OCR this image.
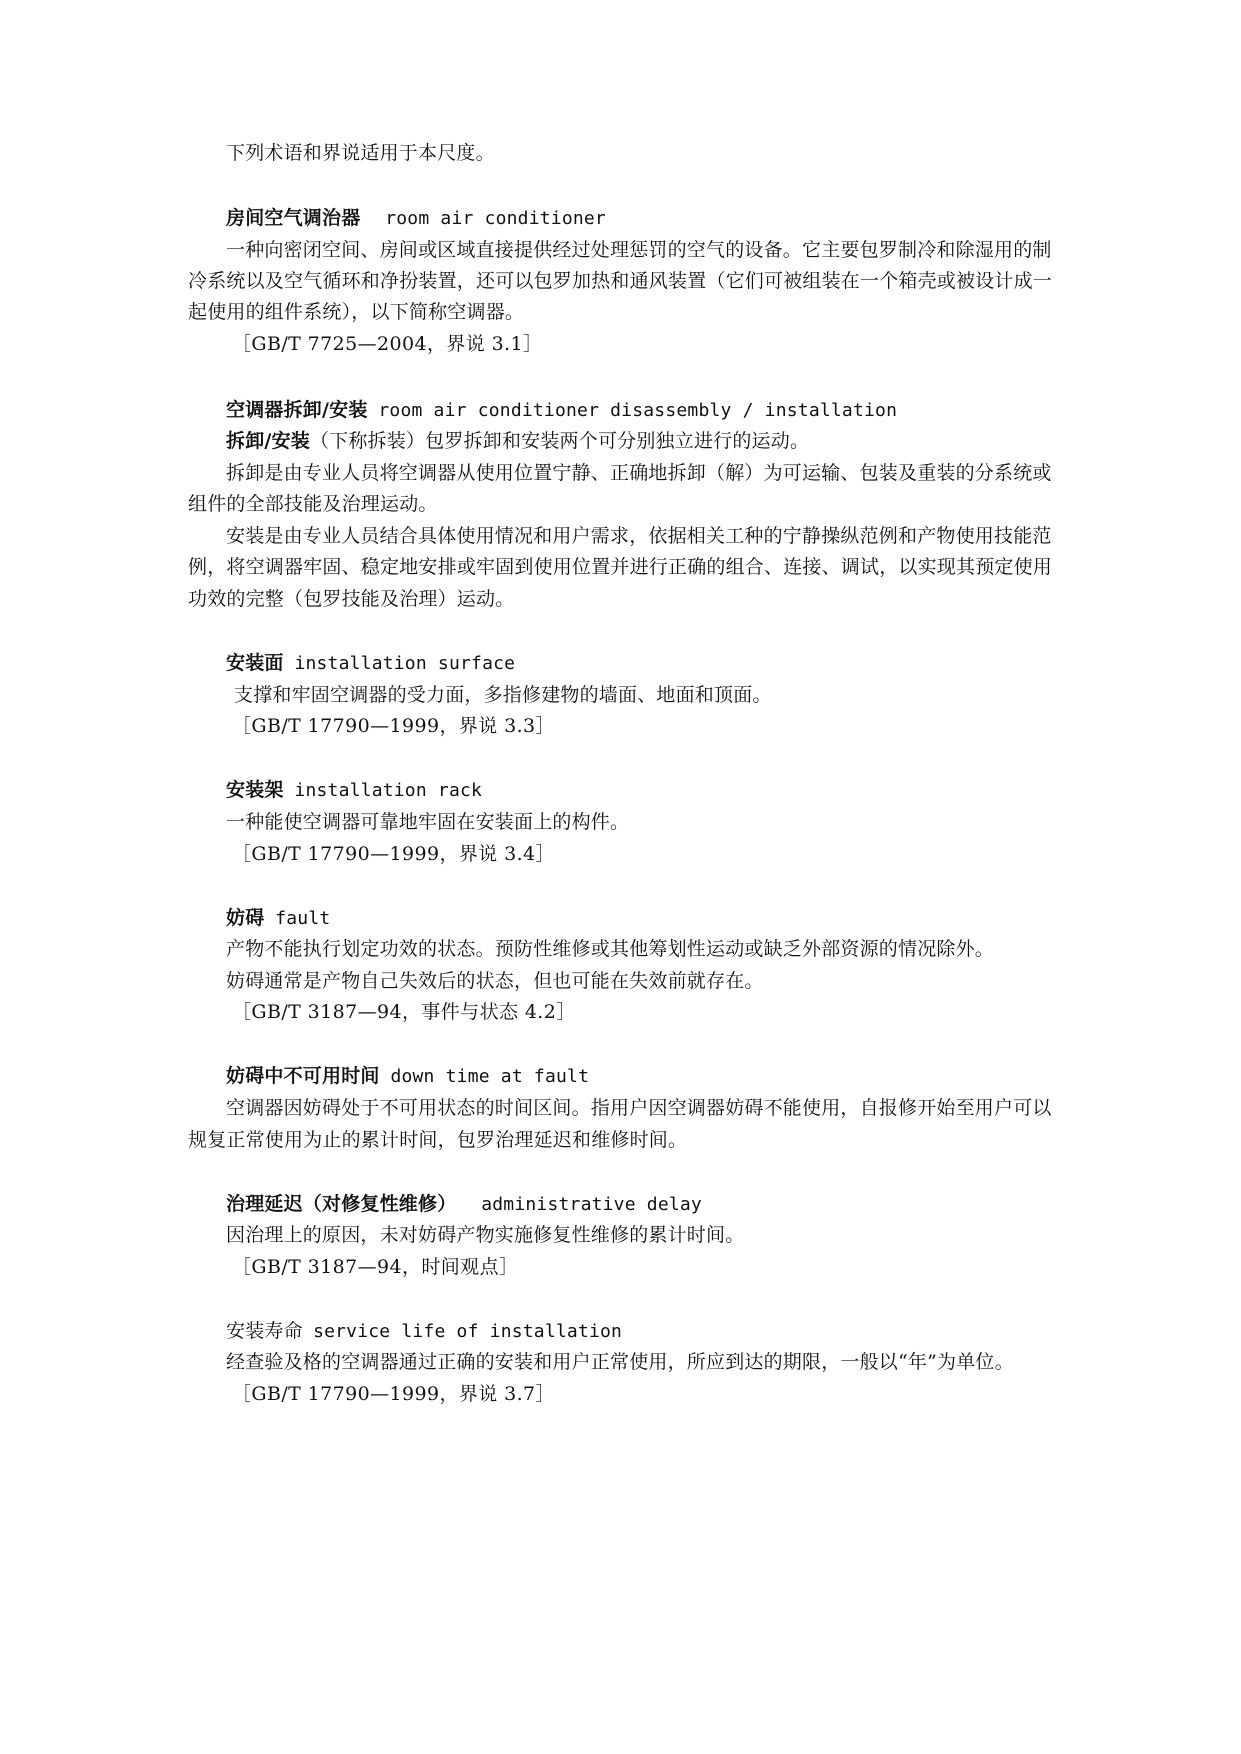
下列术语和界说适用于本尺度。
房间空气调治器 room air conditioner
一种向密闭空间、房间或区域直接提供经过处理惩罚的空气的设备。它主要包罗制冷和除湿用的制
冷系统以及空气循环和净扮装置，还可以包罗加热和通风装置（它们可被组装在一个箱壳或被设计成一
起使用的组件系统），以下简称空调器。
［GB/T 7725—2004，界说 3.1］
空调器拆卸/安装 room air conditioner disassembly / installation
拆卸/安装（下称拆装）包罗拆卸和安装两个可分别独立进行的运动。
拆卸是由专业人员将空调器从使用位置宁静、正确地拆卸（解）为可运输、包装及重装的分系统或
组件的全部技能及治理运动。
安装是由专业人员结合具体使用情况和用户需求，依据相关工种的宁静操纵范例和产物使用技能范
例，将空调器牢固、稳定地安排或牢固到使用位置并进行正确的组合、连接、调试，以实现其预定使用
功效的完整（包罗技能及治理）运动。
安装面 installation surface
支撑和牢固空调器的受力面，多指修建物的墙面、地面和顶面。
［GB/T 17790—1999，界说 3.3］
安装架 installation rack
一种能使空调器可靠地牢固在安装面上的构件。
［GB/T 17790—1999，界说 3.4］
妨碍 fault
产物不能执行划定功效的状态。预防性维修或其他筹划性运动或缺乏外部资源的情况除外。
妨碍通常是产物自己失效后的状态，但也可能在失效前就存在。
［GB/T 3187—94，事件与状态 4.2］
妨碍中不可用时间 down time at fault
空调器因妨碍处于不可用状态的时间区间。指用户因空调器妨碍不能使用，自报修开始至用户可以
规复正常使用为止的累计时间，包罗治理延迟和维修时间。
治理延迟（对修复性维修） administrative delay
因治理上的原因，未对妨碍产物实施修复性维修的累计时间。
［GB/T 3187—94，时间观点］
安装寿命 service life of installation
经查验及格的空调器通过正确的安装和用户正常使用，所应到达的期限，一般以“年”为单位。
［GB/T 17790—1999，界说 3.7］
